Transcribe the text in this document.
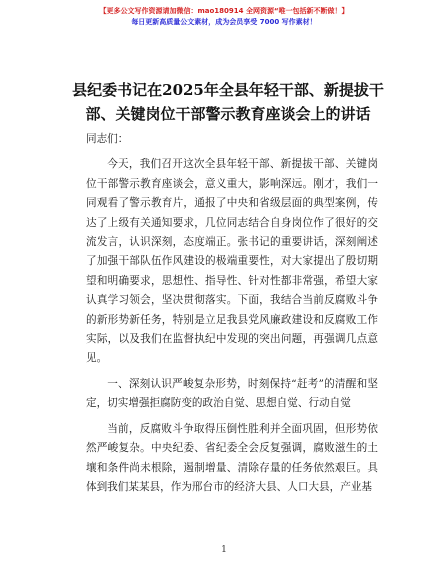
【更多公文写作资源请加微信：mao180914 全网资源“唯一包括新不断做！】
每日更新高质量公文素材，成为会员享受 7000 写作素材！
县纪委书记在2025年全县年轻干部、新提拔干部、关键岗位干部警示教育座谈会上的讲话

同志们：

今天，我们召开这次全县年轻干部、新提拔干部、关键岗位干部警示教育座谈会，意义重大，影响深远。刚才，我们一同观看了警示教育片，通报了中央和省级层面的典型案例，传达了上级有关通知要求，几位同志结合自身岗位作了很好的交流发言，认识深刻，态度端正。张书记的重要讲话，深刻阐述了加强干部队伍作风建设的极端重要性，对大家提出了殷切期望和明确要求，思想性、指导性、针对性都非常强，希望大家认真学习领会，坚决贯彻落实。下面，我结合当前反腐败斗争的新形势新任务，特别是立足我县党风廉政建设和反腐败工作实际，以及我们在监督执纪中发现的突出问题，再强调几点意见。

一、深刻认识严峻复杂形势，时刻保持“赶考”的清醒和坚定，切实增强拒腐防变的政治自觉、思想自觉、行动自觉

当前，反腐败斗争取得压倒性胜利并全面巩固，但形势依然严峻复杂。中央纪委、省纪委全会反复强调，腐败滋生的土壤和条件尚未根除，遏制增量、清除存量的任务依然艰巨。具体到我们某某县，作为邢台市的经济大县、人口大县，产业基

1
